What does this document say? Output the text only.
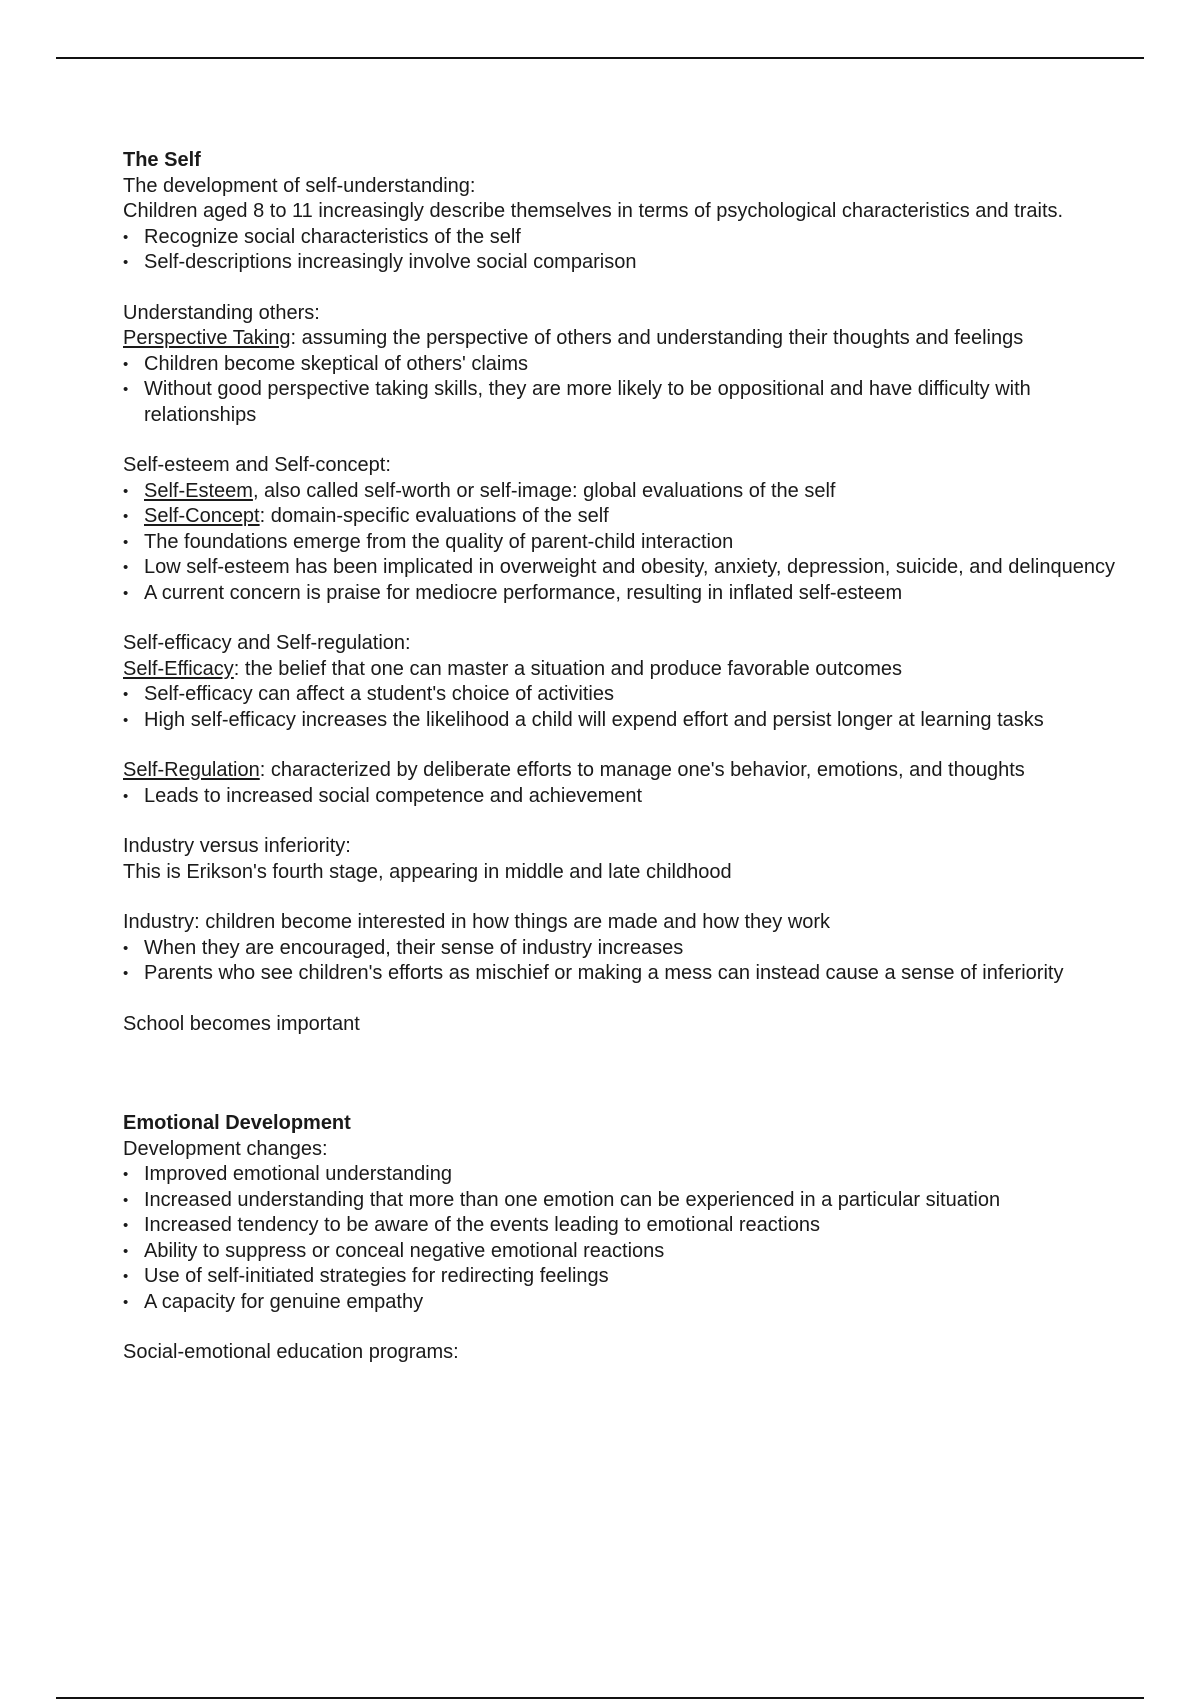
The Self
The development of self-understanding:
Children aged 8 to 11 increasingly describe themselves in terms of psychological characteristics and traits.
• Recognize social characteristics of the self
• Self-descriptions increasingly involve social comparison
Understanding others:
Perspective Taking: assuming the perspective of others and understanding their thoughts and feelings
• Children become skeptical of others' claims
• Without good perspective taking skills, they are more likely to be oppositional and have difficulty with relationships
Self-esteem and Self-concept:
• Self-Esteem, also called self-worth or self-image: global evaluations of the self
• Self-Concept: domain-specific evaluations of the self
• The foundations emerge from the quality of parent-child interaction
• Low self-esteem has been implicated in overweight and obesity, anxiety, depression, suicide, and delinquency
• A current concern is praise for mediocre performance, resulting in inflated self-esteem
Self-efficacy and Self-regulation:
Self-Efficacy: the belief that one can master a situation and produce favorable outcomes
• Self-efficacy can affect a student's choice of activities
• High self-efficacy increases the likelihood a child will expend effort and persist longer at learning tasks
Self-Regulation: characterized by deliberate efforts to manage one's behavior, emotions, and thoughts
• Leads to increased social competence and achievement
Industry versus inferiority:
This is Erikson's fourth stage, appearing in middle and late childhood
Industry: children become interested in how things are made and how they work
• When they are encouraged, their sense of industry increases
• Parents who see children's efforts as mischief or making a mess can instead cause a sense of inferiority
School becomes important
Emotional Development
Development changes:
• Improved emotional understanding
• Increased understanding that more than one emotion can be experienced in a particular situation
• Increased tendency to be aware of the events leading to emotional reactions
• Ability to suppress or conceal negative emotional reactions
• Use of self-initiated strategies for redirecting feelings
• A capacity for genuine empathy
Social-emotional education programs:
